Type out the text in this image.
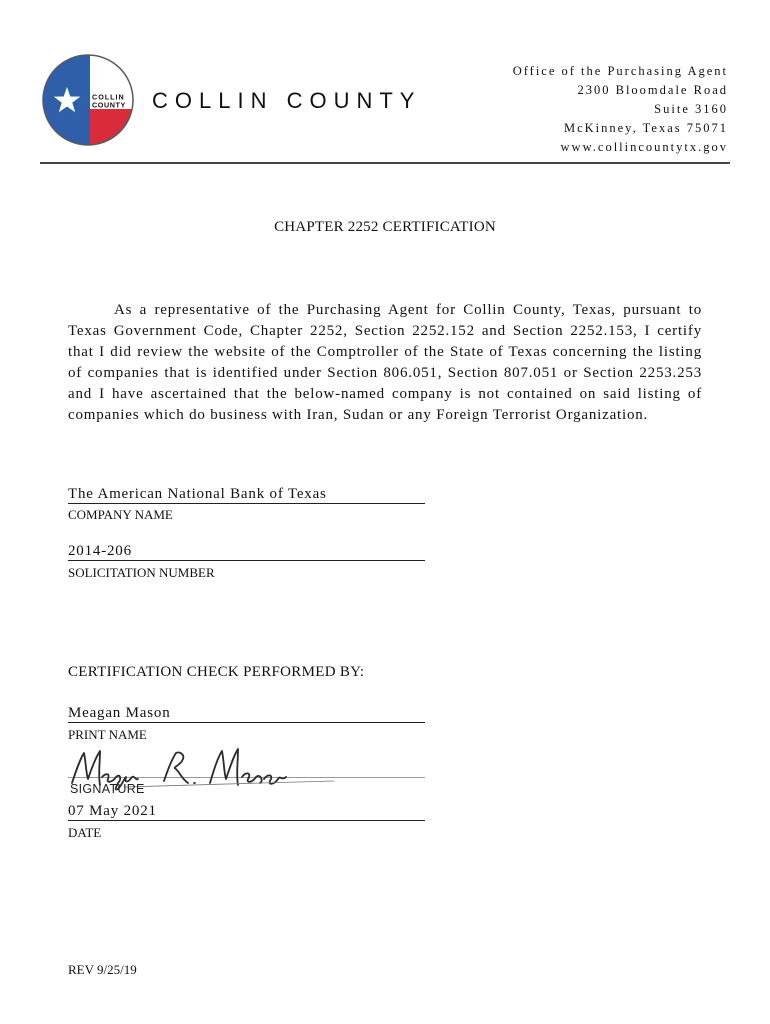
COLLIN
COUNTY COLLIN COUNTY
Office of the Purchasing Agent
2300 Bloomdale Road
Suite 3160
McKinney, Texas 75071
www.collincountytx.gov
CHAPTER 2252 CERTIFICATION
As a representative of the Purchasing Agent for Collin County, Texas, pursuant to Texas Government Code, Chapter 2252, Section 2252.152 and Section 2252.153, I certify that I did review the website of the Comptroller of the State of Texas concerning the listing of companies that is identified under Section 806.051, Section 807.051 or Section 2253.253 and I have ascertained that the below-named company is not contained on said listing of companies which do business with Iran, Sudan or any Foreign Terrorist Organization.
The American National Bank of Texas
COMPANY NAME
2014-206
SOLICITATION NUMBER
CERTIFICATION CHECK PERFORMED BY:
Meagan Mason
PRINT NAME
SIGNATURE
07 May 2021
DATE
REV 9/25/19
